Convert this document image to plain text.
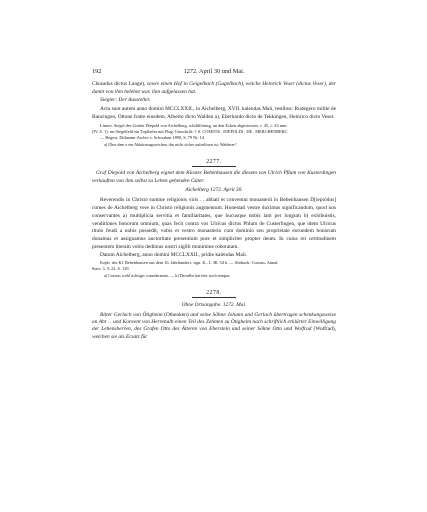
192	1272. April 30 und Mai.

Chraudus dictus Lange), sowie einen Hof in Geigelbach (Gugelbach), welche Heinrich Veser (dictus Veser), der damit von ihm belehnt war, ihm aufgelassen hat.

Siegler: Der Aussteller.

Acta sunt autem anno domini MCCLXXII., in Aichelberg, XVII. kalendas Maii, testibus: Rudegero milite de Banzingen, Ottone fratre eiusdem, Alberto dicto Walden a), Eberhardo dicto de Tekkingen, Heinrico dicto Veser.

Liniert. Siegel des Grafen Diepold von Aichelberg, schildförmig, an den Ecken abgestossen, c. 45, c. 43 mm.

(IV. S. 1): im Siegelfeld ein Topfhelm mit Flug; Umschrift: † S. COMITIS . DIEPOLDI . DE . MERCHENBERC.

— Regest: Dölmann-Archiv v. Schwaben 1890, S. 79 Nr. 14.

a) Über dem e ein Abkürzungszeichen, das nicht sicher aufzulösen ist: Walderer?

2277.

Graf Diepold von Aichelberg eignet dem Kloster Bebenhausen die diesem von Ulrich Pflum von Kusterdingen verkauften von ihm selbst zu Lehen gehenden Güter.

Aichelberg 1272. April 30.

Reverendis in Christo summe religionis viris . . abbati et conventui monasterii in Bebenhausen D[iepoldus] comes de Aichelberg vere in Christo religionis augmentum. Honestati vestre duximus significandum, quod nos conservantes a) multiplicia servitia et familiaritates, que hucusque nobis iam per longum b) exhibuistis, venditiones bonorum omnium, quas fecit contra vos Ulricus dictus Phlum de Custerlingen, que idem Ulricus titulo feudi a nobis possedit, vobis et vestro monasterio cum dominio seu proprietate eorundem bonorum donamus et assignamus auctoritate presentium pure et simpliciter propter deum. In cuius rei certitudinem presentem literam vobis dedimus nostri sigilli munimine roboratam.

Datum Aichelberg, anno domini MCCLXXII., pridie kalendas Maii.

Kopb. des Kl. Bebenhausen aus dem 16. Jahrhundert, sign. K., I., Bl. 54 b. — Abdruck: Crusius, Annal.

Suev. 3, 9, 22, S. 129.

a) Crusius wohl richtiger considerantes. — b) Derselbe hat hier noch tempus.

2278.

Ohne Ortsangabe. 1272. Mai.

Bitter Gerlach von Ötigheim (Othenken) und seine Söhne Johann und Gerlach übertragen schenkungsweise an Abt . . und Konvent von Herrenalb einen Teil des Zehnten zu Ötigheim nach schriftlich erklärter Einwilligung der Lehensherren, des Grafen Otto des Älteren von Eberstein und seiner Söhne Otto und Wolfrad (Wolfrad), welchen sie als Ersatz für
